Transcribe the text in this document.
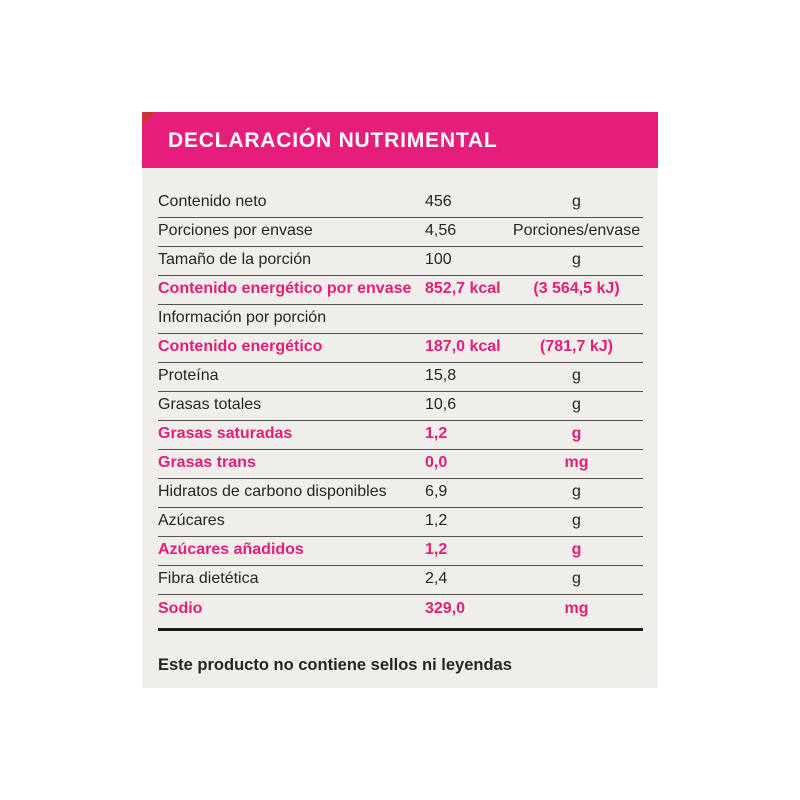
DECLARACIÓN NUTRIMENTAL
Contenido neto	456	g
Porciones por envase	4,56	Porciones/envase
Tamaño de la porción	100	g
Contenido energético por envase 852,7 kcal	(3 564,5 kJ)
Información por porción
Contenido energético	187,0 kcal	(781,7 kJ)
Proteína	15,8	g
Grasas totales	10,6	g
Grasas saturadas	1,2	g
Grasas trans	0,0	mg
Hidratos de carbono disponibles	6,9	g
Azúcares	1,2	g
Azúcares añadidos	1,2	g
Fibra dietética	2,4	g
Sodio	329,0	mg
Este producto no contiene sellos ni leyendas
